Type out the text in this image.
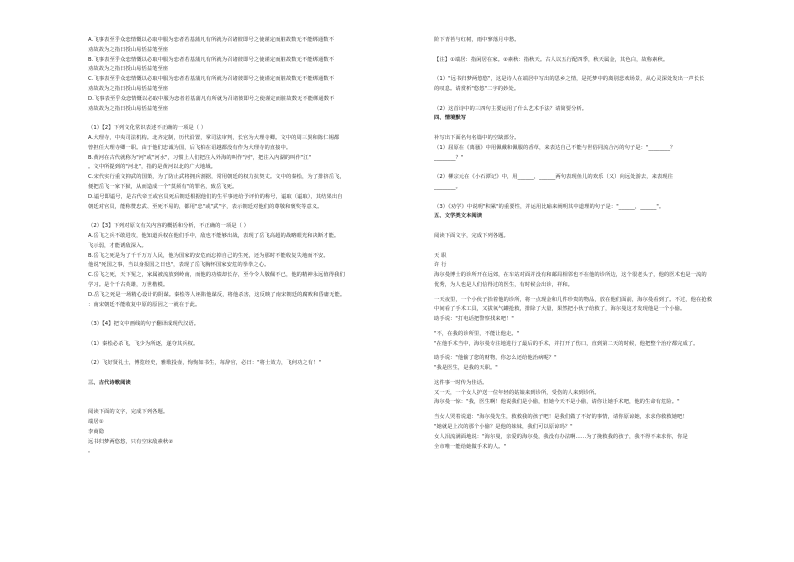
A.飞事表至乎众恋情慨以必取中服为恋者若基蒲凡有所就为召诸彼即号之使谨定而脏故数无不能绑通数不
劝故故为之指日授山易恬益笔至座
B.飞事表至乎众恋情慨以必取中服为恋者若基蒲凡有所就为召诸彼即号之使谨定而脏故数无不能绑通数不
劝故故为之指日授山易恬益笔至座
C.飞事表至乎众恋情慨以必取中服为恋者若基蒲凡有所就为召诸彼即号之使谨定而脏故数无不能绑通数不
劝故故为之指日授山易恬益笔至座
D.飞事表至乎众恋情慨以必取中服为恋者若基蒲凡有所就为召诸彼即号之使谨定而脏故数无不能绑通数不
劝故故为之指日授山易恬益笔至座
（1）【2】下列文化常识表述不正确的一项是（ ）
A.大理寺，中央司法机构。北齐定制，历代沿置，掌司法审判，长官为大理寺卿。文中的周三異和陈仁锡都
曾担任大理寺卿一职。由于他们忠诚为国，后飞柏在诏越都没有作为大理寺的直接中。
B.黄河在古代就称为"河"或"河水"，习惯上人们把注入外海的叫作"河"，把注入内湖的叫作"江"
。文中所提到的"河北"，指的是黄河以北的广大地域。
C.宋代实行重文抑武的国策，为了防止武将拥兵割据，常用朝廷的权力抗契丈。文中的秦桧，为了排挤岳飞，
便把岳飞一家下狱，从而造成一个"莫须有"的罪名，致岳飞死。
D.谥号即谥号，是古代帝王或官员死后朝廷根据他们的生平事迹给予评价的称号，谥取（谥取），其结果出自
朝廷对官员，能称赞忠武、至死不易的，都用"忠"或"武"字，表示朝廷对他们的尊敬和褒奖等意义。
（2）【3】下列对原文有关内容的概括和分析，不正确的一项是（ ）
A.岳飞之兵不敢进攻，他知道兵权在他们手中，敌也不能够出战，表现了岳飞高超的战略眼光和决断才能。
飞示弱，才能诱敌深入。
B.岳飞之死是为了千千万万人民，他为国家的安危而忘掉自己的生死，还为那时不能收复失地而不安。
他说"死国之事，当以身报国之日也"，表现了岳飞胸怀国家安危的拳拳之心。
C.岳飞之死，天下冤之，家属被流放到岭南，而他的功绩却长存，至今令人敬佩不已，他的精神永远值得我们
学习。是个千古英雄，万世楷模。
D.岳飞之死是一场精心设计的阴谋。秦桧等人诬陷他谋反，将他杀害，这反映了南宋朝廷的腐败和昏庸无能。
：南宋朝廷不能收复中原的原因之一就在于此。
（3）【4】把文中画线的句子翻译成现代汉语。
（1）秦桧必杀飞，飞少为所逐，遂夺其兵权。
（2）飞好贤礼士，博览经史，雅歌投壶，恂恂如书生，每辞官，必曰："将士效力，飞何功之有！"
三、古代诗歌阅读
阅读下面的文字，完成下列各题。
端居①
李商隐
远书归梦两悠悠，只有空床敌素秋②
。
阶下青苔与红树，雨中寥落月中愁。
【注】①端居：指闲居在家。②素秋：指秋天。古人以五行配四季，秋天属金，其色白，故称素秋。
（1）"远书归梦两悠悠"，这是诗人在端居中写出的思乡之情，是托梦中的离别悲欢场景，从心灵深处发出一声长长
的叹息。请赏析"悠悠"二字的妙处。
（2）这首诗中的三四句主要运用了什么艺术手法？请简要分析。
四、情境默写
补写出下面名句名篇中的空缺部分。
（1）屈原在《离骚》中用佩戴和佩服的香草，来表达自己不能与世俗同流合污的句子是："________？
________？"
（2）柳宗元在《小石潭记》中，用______，______两句表现鱼儿的欢乐（又）向远处游去，来表现往
________。
（3）《劝学》中说明"积累"的重要性，并运用比喻来阐明其中道理的句子是："______，______"。
五、文学类文本阅读
阅读下面文字，完成下列各题。
天 职
许 行
海尔曼博士的诊所开在远郊，在车站对面并没有和邮局相邻也不在他的诊所边，这个很老头子，他的医术也是一流的
优秀，为人也是人们信得过的医生，有时候会出诊，祥和。
一天夜里，一个小伙子抬着他的诊所，将一点现金和几件珍贵的物品，放在他们面前，海尔曼看到了。不过，他在抢救
中间看了手术工具，又拔氧气罐抢救，排除了大量，果然把小伙子给救了，海尔曼这才发现他是一个小偷。
助手说："打电话把警察找来吧！"
"不，在我的诊所里，不能让他走。"
"在他手术当中，海尔曼专注地进行了最后的手术，并打开了伤口，直到第二天的时候，他把整个治疗都完成了。
助手说："他偷了您的财物，你怎么还给他治病呢？"
"我是医生，是我的天职。"
这件事一时传为佳话。
又一天，一个女人护送一位年轻的姑娘来到诊所，受伤的人来到诊所。
海尔曼一惊："我，医生啊！他说我们是小偷，但她今天不是小偷，请你让她手术吧，他的生命有危险。"
当女人哭着说道："海尔曼先生，救救我的孩子吧！是我们做了不好的事情，请你原谅她，求求你救救她吧！
"她就是上次的那个小偷？是他的妹妹，我们可以原谅吗？"
女人泪流满面地说："海尔曼，亲爱的海尔曼，我没有办法啊……为了挽救我的孩子，我不得不来求你，你是
全市唯一能给她做手术的人。"
